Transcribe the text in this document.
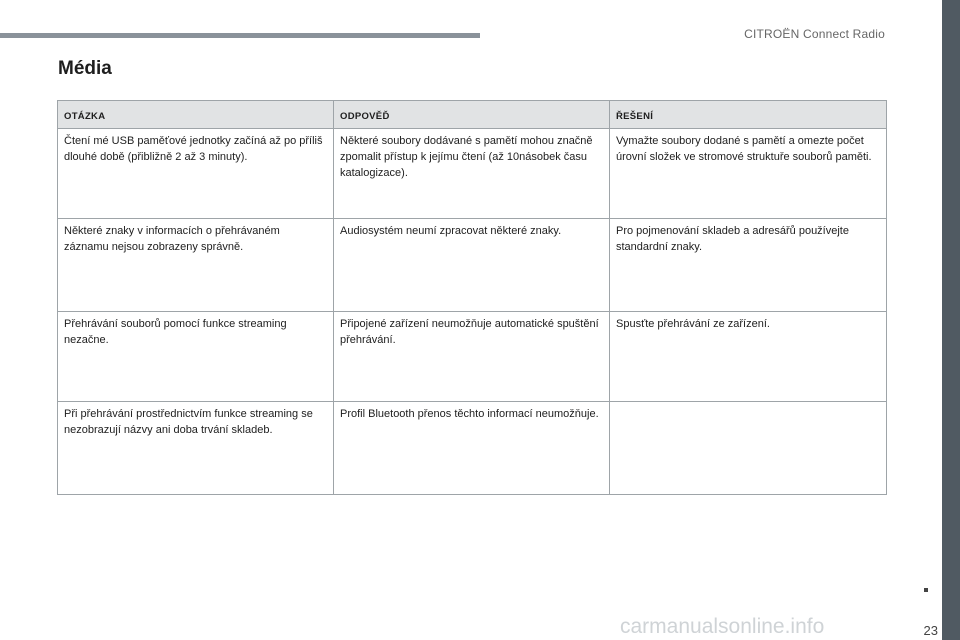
CITROËN Connect Radio
Média
OTÁZKA	ODPOVĚĎ	ŘEŠENÍ
Čtení mé USB paměťové jednotky začíná až po příliš dlouhé době (přibližně 2 až 3 minuty).	Některé soubory dodávané s pamětí mohou značně zpomalit přístup k jejímu čtení (až 10násobek času katalogizace).	Vymažte soubory dodané s pamětí a omezte počet úrovní složek ve stromové struktuře souborů paměti.
Některé znaky v informacích o přehrávaném záznamu nejsou zobrazeny správně.	Audiosystém neumí zpracovat některé znaky.	Pro pojmenování skladeb a adresářů používejte standardní znaky.
Přehrávání souborů pomocí funkce streaming nezačne.	Připojené zařízení neumožňuje automatické spuštění přehrávání.	Spusťte přehrávání ze zařízení.
Při přehrávání prostřednictvím funkce streaming se nezobrazují názvy ani doba trvání skladeb.	Profil Bluetooth přenos těchto informací neumožňuje.	
23
carmanualsonline.info
